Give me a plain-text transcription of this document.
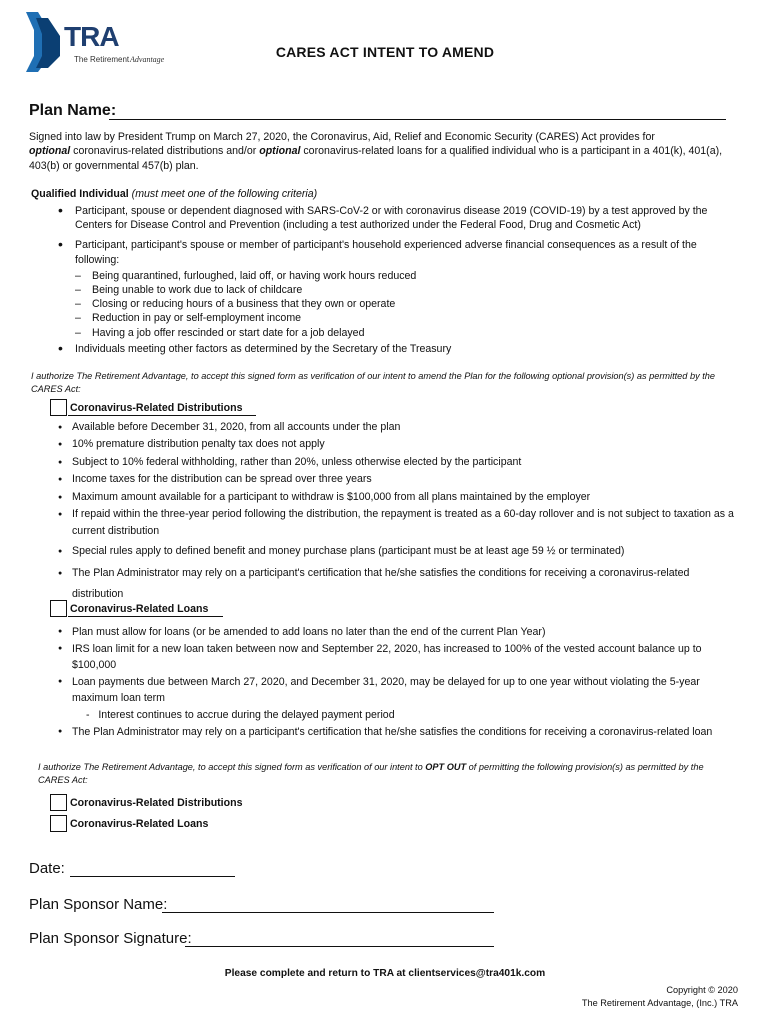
TRA
The Retirement Advantage	CARES ACT INTENT TO AMEND
Plan Name:
Signed into law by President Trump on March 27, 2020, the Coronavirus, Aid, Relief and Economic Security (CARES) Act provides for
optional coronavirus-related distributions and/or optional coronavirus-related loans for a qualified individual who is a participant in a 401(k), 401(a), 403(b) or governmental 457(b) plan.
Qualified Individual (must meet one of the following criteria)
• Participant, spouse or dependent diagnosed with SARS-CoV-2 or with coronavirus disease 2019 (COVID-19) by a test approved by the Centers for Disease Control and Prevention (including a test authorized under the Federal Food, Drug and Cosmetic Act)
• Participant, participant's spouse or member of participant's household experienced adverse financial consequences as a result of the following:
– Being quarantined, furloughed, laid off, or having work hours reduced
– Being unable to work due to lack of childcare
– Closing or reducing hours of a business that they own or operate
– Reduction in pay or self-employment income
– Having a job offer rescinded or start date for a job delayed
• Individuals meeting other factors as determined by the Secretary of the Treasury
I authorize The Retirement Advantage, to accept this signed form as verification of our intent to amend the Plan for the following optional provision(s) as permitted by the CARES Act:
Coronavirus-Related Distributions
● Available before December 31, 2020, from all accounts under the plan
● 10% premature distribution penalty tax does not apply
● Subject to 10% federal withholding, rather than 20%, unless otherwise elected by the participant
● Income taxes for the distribution can be spread over three years
● Maximum amount available for a participant to withdraw is $100,000 from all plans maintained by the employer
● If repaid within the three-year period following the distribution, the repayment is treated as a 60-day rollover and is not subject to taxation as a current distribution
● Special rules apply to defined benefit and money purchase plans (participant must be at least age 59 ½ or terminated)
● The Plan Administrator may rely on a participant's certification that he/she satisfies the conditions for receiving a coronavirus-related distribution
Coronavirus-Related Loans
● Plan must allow for loans (or be amended to add loans no later than the end of the current Plan Year)
● IRS loan limit for a new loan taken between now and September 22, 2020, has increased to 100% of the vested account balance up to $100,000
● Loan payments due between March 27, 2020, and December 31, 2020, may be delayed for up to one year without violating the 5-year maximum loan term
-   Interest continues to accrue during the delayed payment period
● The Plan Administrator may rely on a participant's certification that he/she satisfies the conditions for receiving a coronavirus-related loan
I authorize The Retirement Advantage, to accept this signed form as verification of our intent to OPT OUT of permitting the following provision(s) as permitted by the CARES Act:
Coronavirus-Related Distributions
Coronavirus-Related Loans
Date:
Plan Sponsor Name:
Plan Sponsor Signature:
Please complete and return to TRA at clientservices@tra401k.com
Copyright © 2020
The Retirement Advantage, (Inc.) TRA
